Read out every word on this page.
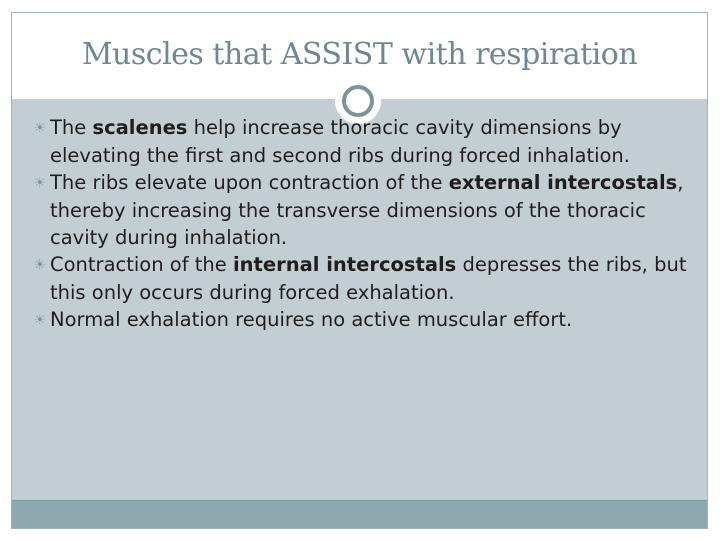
Muscles that ASSIST with respiration
☀ The scalenes help increase thoracic cavity dimensions by elevating the first and second ribs during forced inhalation.
☀ The ribs elevate upon contraction of the external intercostals, thereby increasing the transverse dimensions of the thoracic cavity during inhalation.
☀ Contraction of the internal intercostals depresses the ribs, but this only occurs during forced exhalation.
☀ Normal exhalation requires no active muscular effort.
